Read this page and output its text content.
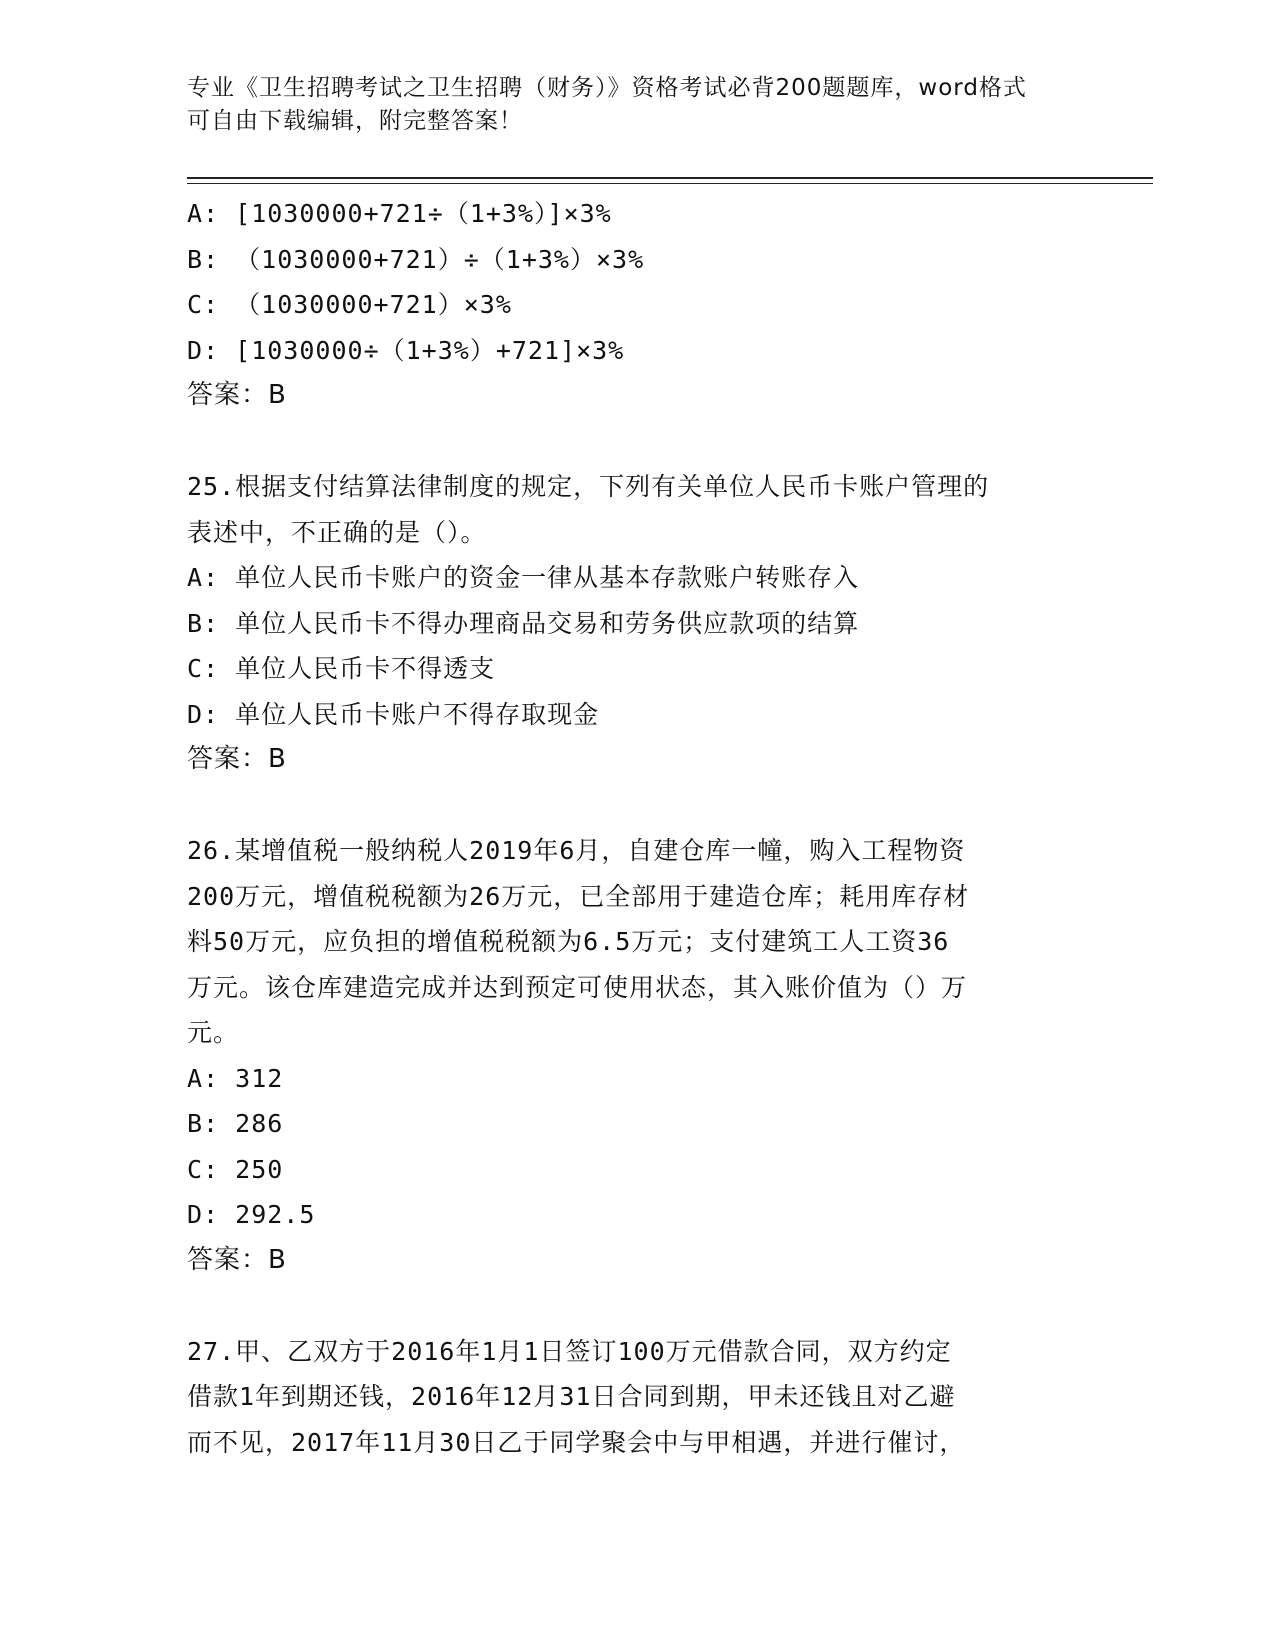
专业《卫生招聘考试之卫生招聘（财务）》资格考试必背200题题库，word格式
可自由下载编辑，附完整答案！
A: [1030000+721÷（1+3%）]×3%
B: （1030000+721）÷（1+3%）×3%
C: （1030000+721）×3%
D: [1030000÷（1+3%）+721]×3%
答案：B
25.根据支付结算法律制度的规定，下列有关单位人民币卡账户管理的
表述中，不正确的是（）。
A: 单位人民币卡账户的资金一律从基本存款账户转账存入
B: 单位人民币卡不得办理商品交易和劳务供应款项的结算
C: 单位人民币卡不得透支
D: 单位人民币卡账户不得存取现金
答案：B
26.某增值税一般纳税人2019年6月，自建仓库一幢，购入工程物资
200万元，增值税税额为26万元，已全部用于建造仓库；耗用库存材
料50万元，应负担的增值税税额为6.5万元；支付建筑工人工资36
万元。该仓库建造完成并达到预定可使用状态，其入账价值为（）万
元。
A: 312
B: 286
C: 250
D: 292.5
答案：B
27.甲、乙双方于2016年1月1日签订100万元借款合同，双方约定
借款1年到期还钱，2016年12月31日合同到期，甲未还钱且对乙避
而不见，2017年11月30日乙于同学聚会中与甲相遇，并进行催讨，
